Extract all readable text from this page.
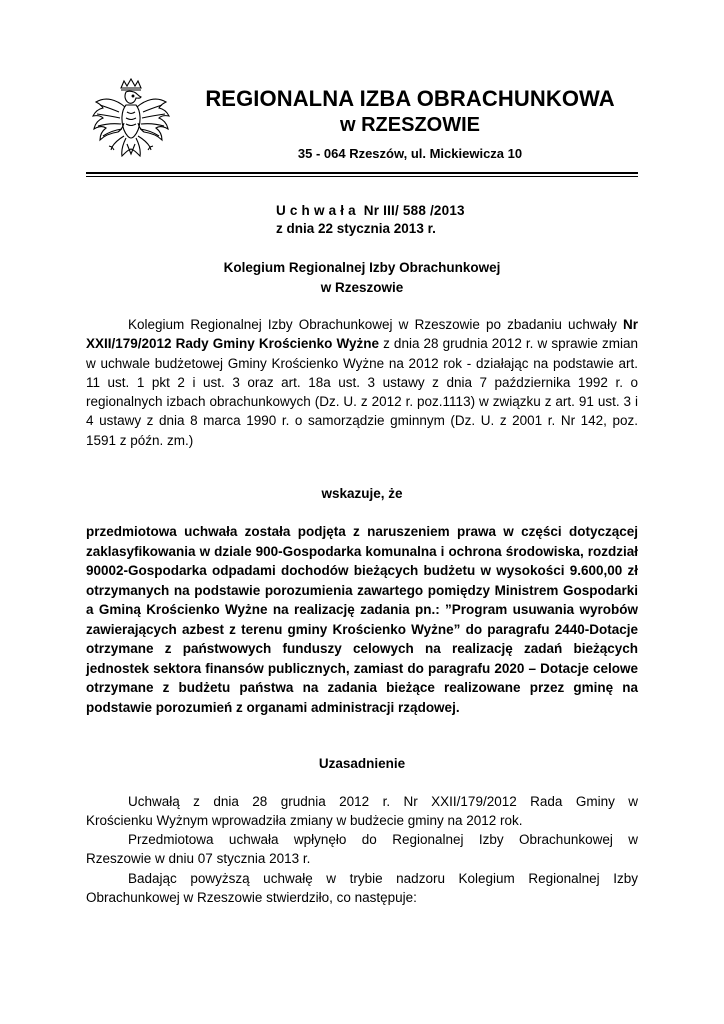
REGIONALNA IZBA OBRACHUNKOWA
w RZESZOWIE
35 - 064 Rzeszów, ul. Mickiewicza 10
U c h w a ł a Nr III/ 588 /2013
z dnia 22 stycznia 2013 r.
Kolegium Regionalnej Izby Obrachunkowej
w Rzeszowie
Kolegium Regionalnej Izby Obrachunkowej w Rzeszowie po zbadaniu uchwały Nr XXII/179/2012 Rady Gminy Krościenko Wyżne z dnia 28 grudnia 2012 r. w sprawie zmian w uchwale budżetowej Gminy Krościenko Wyżne na 2012 rok - działając na podstawie art. 11 ust. 1 pkt 2 i ust. 3 oraz art. 18a ust. 3 ustawy z dnia 7 października 1992 r. o regionalnych izbach obrachunkowych (Dz. U. z 2012 r. poz.1113) w związku z art. 91 ust. 3 i 4 ustawy z dnia 8 marca 1990 r. o samorządzie gminnym (Dz. U. z 2001 r. Nr 142, poz. 1591 z późn. zm.)
wskazuje, że
przedmiotowa uchwała została podjęta z naruszeniem prawa w części dotyczącej zaklasyfikowania w dziale 900-Gospodarka komunalna i ochrona środowiska, rozdział 90002-Gospodarka odpadami dochodów bieżących budżetu w wysokości 9.600,00 zł otrzymanych na podstawie porozumienia zawartego pomiędzy Ministrem Gospodarki a Gminą Krościenko Wyżne na realizację zadania pn.: ”Program usuwania wyrobów zawierających azbest z terenu gminy Krościenko Wyżne” do paragrafu 2440-Dotacje otrzymane z państwowych funduszy celowych na realizację zadań bieżących jednostek sektora finansów publicznych, zamiast do paragrafu 2020 – Dotacje celowe otrzymane z budżetu państwa na zadania bieżące realizowane przez gminę na podstawie porozumień z organami administracji rządowej.
Uzasadnienie
Uchwałą z dnia 28 grudnia 2012 r. Nr XXII/179/2012 Rada Gminy w
Krościenku Wyżnym wprowadziła zmiany w budżecie gminy na 2012 rok.
Przedmiotowa uchwała wpłynęło do Regionalnej Izby Obrachunkowej w
Rzeszowie w dniu 07 stycznia 2013 r.
Badając powyższą uchwałę w trybie nadzoru Kolegium Regionalnej Izby
Obrachunkowej w Rzeszowie stwierdziło, co następuje:
